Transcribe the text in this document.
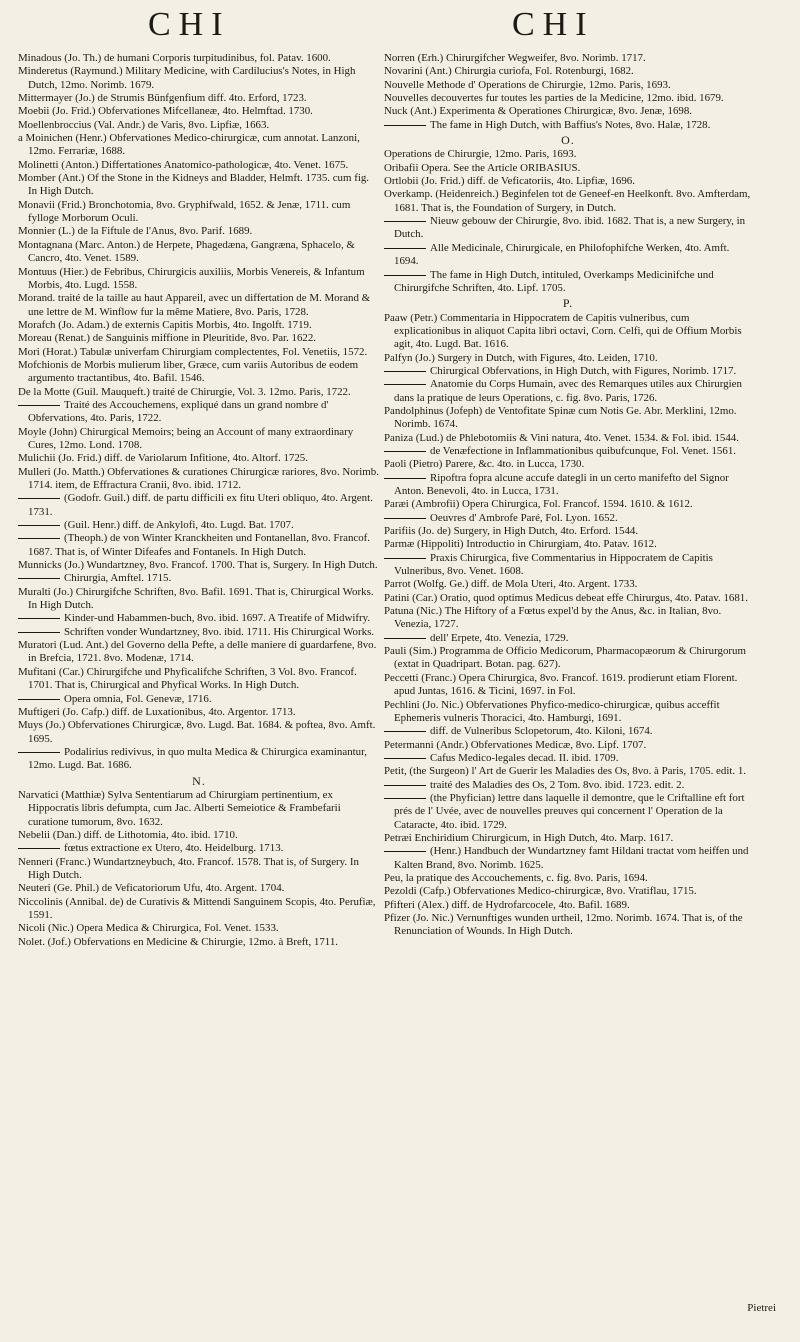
CHI	CHI

Minadous (Jo. Th.) de humani Corporis turpitudinibus, fol. Patav. 1600.

Minderetus (Raymund.) Military Medicine, with Cardilucius's Notes, in High Dutch, 12mo. Norimb. 1679.

Mittermayer (Jo.) de Strumis Bünfgenfium diff. 4to. Erford, 1723.

Moebii (Jo. Frid.) Obfervationes Mifcellaneæ, 4to. Helmftad. 1730.

Moellenbroccius (Val. Andr.) de Varis, 8vo. Lipfiæ, 1663.

a Moinichen (Henr.) Obfervationes Medico-chirurgicæ, cum annotat. Lanzoni, 12mo. Ferrariæ, 1688.

Molinetti (Anton.) Differtationes Anatomico-pathologicæ, 4to. Venet. 1675.

Momber (Ant.) Of the Stone in the Kidneys and Bladder, Helmft. 1735. cum fig. In High Dutch.

Monavii (Frid.) Bronchotomia, 8vo. Gryphifwald, 1652. & Jenæ, 1711. cum fylloge Morborum Oculi.

Monnier (L.) de la Fiftule de l'Anus, 8vo. Parif. 1689.

Montagnana (Marc. Anton.) de Herpete, Phagedæna, Gangræna, Sphacelo, & Cancro, 4to. Venet. 1589.

Montuus (Hier.) de Febribus, Chirurgicis auxiliis, Morbis Venereis, & Infantum Morbis, 4to. Lugd. 1558.

Morand. traité de la taille au haut Appareil, avec un differtation de M. Morand & une lettre de M. Winflow fur la même Matiere, 8vo. Paris, 1728.

Morafch (Jo. Adam.) de externis Capitis Morbis, 4to. Ingolft. 1719.

Moreau (Renat.) de Sanguinis miffione in Pleuritide, 8vo. Par. 1622.

Mori (Horat.) Tabulæ univerfam Chirurgiam complectentes, Fol. Venetiis, 1572.

Mofchionis de Morbis mulierum liber, Græce, cum variis Autoribus de eodem argumento tractantibus, 4to. Bafil. 1546.

De la Motte (Guil. Mauqueft.) traité de Chirurgie, Vol. 3. 12mo. Paris, 1722.

Traité des Accouchemens, expliqué dans un grand nombre d' Obfervations, 4to. Paris, 1722.

Moyle (John) Chirurgical Memoirs; being an Account of many extraordinary Cures, 12mo. Lond. 1708.

Mulichii (Jo. Frid.) diff. de Variolarum Infitione, 4to. Altorf. 1725.

Mulleri (Jo. Matth.) Obfervationes & curationes Chirurgicæ rariores, 8vo. Norimb. 1714. item, de Effractura Cranii, 8vo. ibid. 1712.

(Godofr. Guil.) diff. de partu difficili ex fitu Uteri obliquo, 4to. Argent. 1731.

(Guil. Henr.) diff. de Ankylofi, 4to. Lugd. Bat. 1707.

(Theoph.) de von Winter Kranckheiten und Fontanellan, 8vo. Francof. 1687. That is, of Winter Difeafes and Fontanels. In High Dutch.

Munnicks (Jo.) Wundartzney, 8vo. Francof. 1700. That is, Surgery. In High Dutch.

Chirurgia, Amftel. 1715.

Muralti (Jo.) Chirurgifche Schriften, 8vo. Bafil. 1691. That is, Chirurgical Works. In High Dutch.

Kinder-und Habammen-buch, 8vo. ibid. 1697. A Treatife of Midwifry.

Schriften vonder Wundartzney, 8vo. ibid. 1711. His Chirurgical Works.

Muratori (Lud. Ant.) del Governo della Pefte, a delle maniere di guardarfene, 8vo. in Brefcia, 1721. 8vo. Modenæ, 1714.

Mufitani (Car.) Chirurgifche und Phyficalifche Schriften, 3 Vol. 8vo. Francof. 1701. That is, Chirurgical and Phyfical Works. In High Dutch.

Opera omnia, Fol. Genevæ, 1716.

Muftigeri (Jo. Cafp.) diff. de Luxationibus, 4to. Argentor. 1713.

Muys (Jo.) Obfervationes Chirurgicæ, 8vo. Lugd. Bat. 1684. & poftea, 8vo. Amft. 1695.

Podalirius redivivus, in quo multa Medica & Chirurgica examinantur, 12mo. Lugd. Bat. 1686.

N.

Narvatici (Matthiæ) Sylva Sententiarum ad Chirurgiam pertinentium, ex Hippocratis libris defumpta, cum Jac. Alberti Semeiotice & Frambefarii curatione tumorum, 8vo. 1632.

Nebelii (Dan.) diff. de Lithotomia, 4to. ibid. 1710.

fœtus extractione ex Utero, 4to. Heidelburg. 1713.

Nenneri (Franc.) Wundartzneybuch, 4to. Francof. 1578. That is, of Surgery. In High Dutch.

Neuteri (Ge. Phil.) de Veficatoriorum Ufu, 4to. Argent. 1704.

Niccolinis (Annibal. de) de Curativis & Mittendi Sanguinem Scopis, 4to. Perufiæ, 1591.

Nicoli (Nic.) Opera Medica & Chirurgica, Fol. Venet. 1533.

Nolet. (Jof.) Obfervations en Medicine & Chirurgie, 12mo. à Breft, 1711.

Norren (Erh.) Chirurgifcher Wegweifer, 8vo. Norimb. 1717.

Novarini (Ant.) Chirurgia curiofa, Fol. Rotenburgi, 1682.

Nouvelle Methode d' Operations de Chirurgie, 12mo. Paris, 1693.

Nouvelles decouvertes fur toutes les parties de la Medicine, 12mo. ibid. 1679.

Nuck (Ant.) Experimenta & Operationes Chirurgicæ, 8vo. Jenæ, 1698.

The fame in High Dutch, with Baffius's Notes, 8vo. Halæ, 1728.

O.

Operations de Chirurgie, 12mo. Paris, 1693.

Oribafii Opera. See the Article ORIBASIUS.

Ortlobii (Jo. Frid.) diff. de Veficatoriis, 4to. Lipfiæ, 1696.

Overkamp. (Heidenreich.) Beginfelen tot de Geneef-en Heelkonft. 8vo. Amfterdam, 1681. That is, the Foundation of Surgery, in Dutch.

Nieuw gebouw der Chirurgie, 8vo. ibid. 1682. That is, a new Surgery, in Dutch.

Alle Medicinale, Chirurgicale, en Philofophifche Werken, 4to. Amft. 1694.

The fame in High Dutch, intituled, Overkamps Medicinifche und Chirurgifche Schriften, 4to. Lipf. 1705.

P.

Paaw (Petr.) Commentaria in Hippocratem de Capitis vulneribus, cum explicationibus in aliquot Capita libri octavi, Corn. Celfi, qui de Offium Morbis agit, 4to. Lugd. Bat. 1616.

Palfyn (Jo.) Surgery in Dutch, with Figures, 4to. Leiden, 1710.

Chirurgical Obfervations, in High Dutch, with Figures, Norimb. 1717.

Anatomie du Corps Humain, avec des Remarques utiles aux Chirurgien dans la pratique de leurs Operations, c. fig. 8vo. Paris, 1726.

Pandolphinus (Jofeph) de Ventofitate Spinæ cum Notis Ge. Abr. Merklini, 12mo. Norimb. 1674.

Paniza (Lud.) de Phlebotomiis & Vini natura, 4to. Venet. 1534. & Fol. ibid. 1544.

de Venæfectione in Inflammationibus quibufcunque, Fol. Venet. 1561.

Paoli (Pietro) Parere, &c. 4to. in Lucca, 1730.

Ripoftra fopra alcune accufe dategli in un certo manifefto del Signor Anton. Benevoli, 4to. in Lucca, 1731.

Paræi (Ambrofii) Opera Chirurgica, Fol. Francof. 1594. 1610. & 1612.

Oeuvres d' Ambrofe Paré, Fol. Lyon. 1652.

Parifiis (Jo. de) Surgery, in High Dutch, 4to. Erford. 1544.

Parmæ (Hippoliti) Introductio in Chirurgiam, 4to. Patav. 1612.

Praxis Chirurgica, five Commentarius in Hippocratem de Capitis Vulneribus, 8vo. Venet. 1608.

Parrot (Wolfg. Ge.) diff. de Mola Uteri, 4to. Argent. 1733.

Patini (Car.) Oratio, quod optimus Medicus debeat effe Chirurgus, 4to. Patav. 1681.

Patuna (Nic.) The Hiftory of a Fœtus expel'd by the Anus, &c. in Italian, 8vo. Venezia, 1727.

dell' Erpete, 4to. Venezia, 1729.

Pauli (Sim.) Programma de Officio Medicorum, Pharmacopæorum & Chirurgorum (extat in Quadripart. Botan. pag. 627).

Peccetti (Franc.) Opera Chirurgica, 8vo. Francof. 1619. prodierunt etiam Florent. apud Juntas, 1616. & Ticini, 1697. in Fol.

Pechlini (Jo. Nic.) Obfervationes Phyfico-medico-chirurgicæ, quibus acceffit Ephemeris vulneris Thoracici, 4to. Hamburgi, 1691.

diff. de Vulneribus Sclopetorum, 4to. Kiloni, 1674.

Petermanni (Andr.) Obfervationes Medicæ, 8vo. Lipf. 1707.

Cafus Medico-legales decad. II. ibid. 1709.

Petit, (the Surgeon) l' Art de Guerir les Maladies des Os, 8vo. à Paris, 1705. edit. 1.

traité des Maladies des Os, 2 Tom. 8vo. ibid. 1723. edit. 2.

(the Phyfician) lettre dans laquelle il demontre, que le Criftalline eft fort prés de l' Uvée, avec de nouvelles preuves qui concernent l' Operation de la Cataracte, 4to. ibid. 1729.

Petræi Enchiridium Chirurgicum, in High Dutch, 4to. Marp. 1617.

(Henr.) Handbuch der Wundartzney famt Hildani tractat vom heiffen und Kalten Brand, 8vo. Norimb. 1625.

Peu, la pratique des Accouchements, c. fig. 8vo. Paris, 1694.

Pezoldi (Cafp.) Obfervationes Medico-chirurgicæ, 8vo. Vratiflau, 1715.

Pfifteri (Alex.) diff. de Hydrofarcocele, 4to. Bafil. 1689.

Pfizer (Jo. Nic.) Vernunftiges wunden urtheil, 12mo. Norimb. 1674. That is, of the Renunciation of Wounds. In High Dutch.

Pietrei
